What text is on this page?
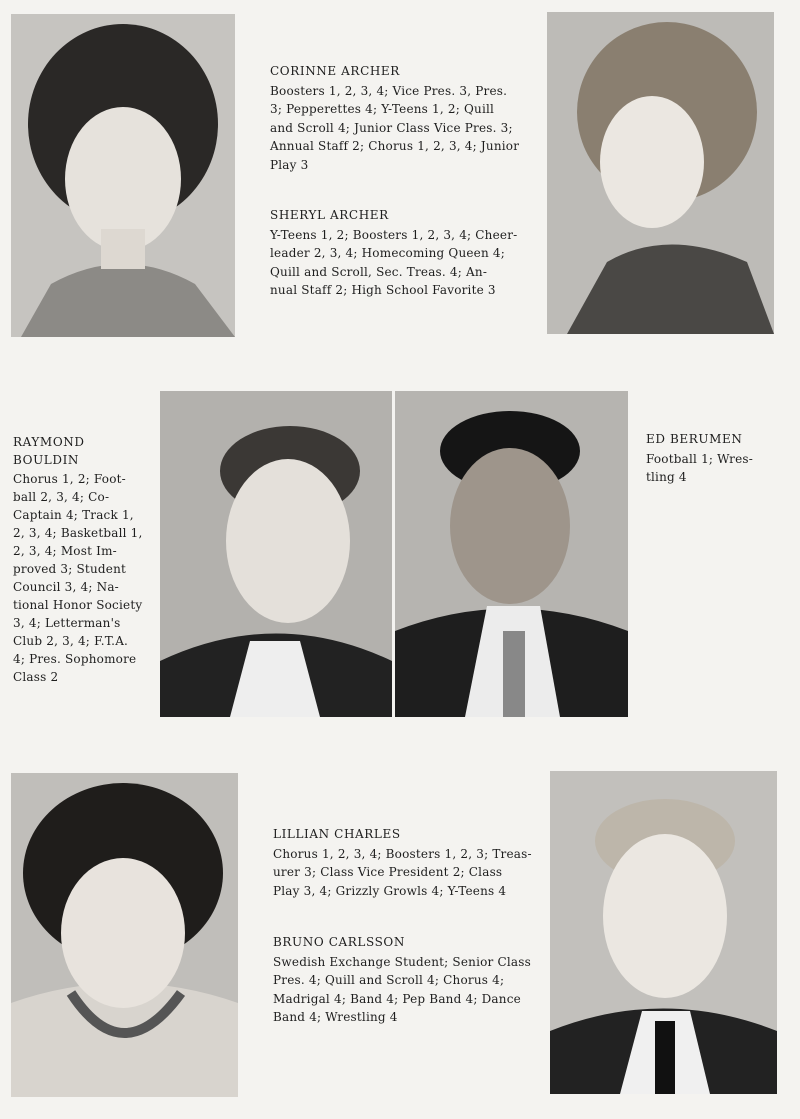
CORINNE ARCHER
Boosters 1, 2, 3, 4; Vice Pres. 3, Pres.
3; Pepperettes 4; Y-Teens 1, 2; Quill
and Scroll 4; Junior Class Vice Pres. 3;
Annual Staff 2; Chorus 1, 2, 3, 4; Junior
Play 3
SHERYL ARCHER
Y-Teens 1, 2; Boosters 1, 2, 3, 4; Cheer-
leader 2, 3, 4; Homecoming Queen 4;
Quill and Scroll, Sec. Treas. 4; An-
nual Staff 2; High School Favorite 3
RAYMOND
BOULDIN
Chorus 1, 2; Foot-
ball 2, 3, 4; Co-
Captain 4; Track 1,
2, 3, 4; Basketball 1,
2, 3, 4; Most Im-
proved 3; Student
Council 3, 4; Na-
tional Honor Society
3, 4; Letterman's
Club 2, 3, 4; F.T.A.
4; Pres. Sophomore
Class 2
ED BERUMEN
Football 1; Wres-
tling 4
LILLIAN CHARLES
Chorus 1, 2, 3, 4; Boosters 1, 2, 3; Treas-
urer 3; Class Vice President 2; Class
Play 3, 4; Grizzly Growls 4; Y-Teens 4
BRUNO CARLSSON
Swedish Exchange Student; Senior Class
Pres. 4; Quill and Scroll 4; Chorus 4;
Madrigal 4; Band 4; Pep Band 4; Dance
Band 4; Wrestling 4
